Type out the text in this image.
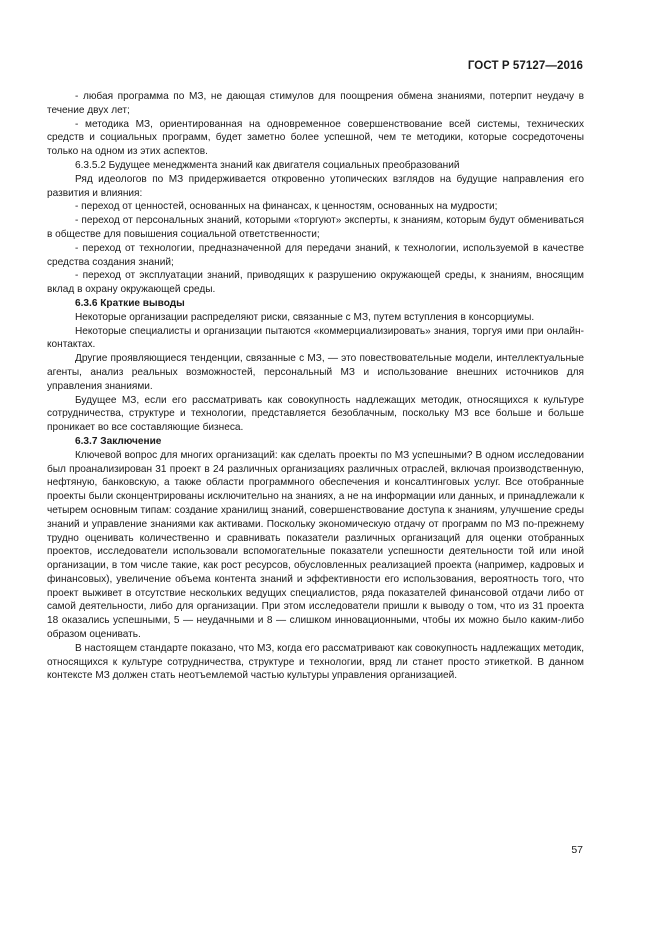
ГОСТ Р 57127—2016

- любая программа по МЗ, не дающая стимулов для поощрения обмена знаниями, потерпит неудачу в течение двух лет;

- методика МЗ, ориентированная на одновременное совершенствование всей системы, технических средств и социальных программ, будет заметно более успешной, чем те методики, которые сосредоточены только на одном из этих аспектов.

6.3.5.2 Будущее менеджмента знаний как двигателя социальных преобразований

Ряд идеологов по МЗ придерживается откровенно утопических взглядов на будущие направления его развития и влияния:

- переход от ценностей, основанных на финансах, к ценностям, основанных на мудрости;

- переход от персональных знаний, которыми «торгуют» эксперты, к знаниям, которым будут обмениваться в обществе для повышения социальной ответственности;

- переход от технологии, предназначенной для передачи знаний, к технологии, используемой в качестве средства создания знаний;

- переход от эксплуатации знаний, приводящих к разрушению окружающей среды, к знаниям, вносящим вклад в охрану окружающей среды.

6.3.6 Краткие выводы

Некоторые организации распределяют риски, связанные с МЗ, путем вступления в консорциумы.

Некоторые специалисты и организации пытаются «коммерциализировать» знания, торгуя ими при онлайн-контактах.

Другие проявляющиеся тенденции, связанные с МЗ, — это повествовательные модели, интеллектуальные агенты, анализ реальных возможностей, персональный МЗ и использование внешних источников для управления знаниями.

Будущее МЗ, если его рассматривать как совокупность надлежащих методик, относящихся к культуре сотрудничества, структуре и технологии, представляется безоблачным, поскольку МЗ все больше и больше проникает во все составляющие бизнеса.

6.3.7 Заключение

Ключевой вопрос для многих организаций: как сделать проекты по МЗ успешными? В одном исследовании был проанализирован 31 проект в 24 различных организациях различных отраслей, включая производственную, нефтяную, банковскую, а также области программного обеспечения и консалтинговых услуг. Все отобранные проекты были сконцентрированы исключительно на знаниях, а не на информации или данных, и принадлежали к четырем основным типам: создание хранилищ знаний, совершенствование доступа к знаниям, улучшение среды знаний и управление знаниями как активами. Поскольку экономическую отдачу от программ по МЗ по-прежнему трудно оценивать количественно и сравнивать показатели различных организаций для оценки отобранных проектов, исследователи использовали вспомогательные показатели успешности деятельности той или иной организации, в том числе такие, как рост ресурсов, обусловленных реализацией проекта (например, кадровых и финансовых), увеличение объема контента знаний и эффективности его использования, вероятность того, что проект выживет в отсутствие нескольких ведущих специалистов, ряда показателей финансовой отдачи либо от самой деятельности, либо для организации. При этом исследователи пришли к выводу о том, что из 31 проекта 18 оказались успешными, 5 — неудачными и 8 — слишком инновационными, чтобы их можно было каким-либо образом оценивать.

В настоящем стандарте показано, что МЗ, когда его рассматривают как совокупность надлежащих методик, относящихся к культуре сотрудничества, структуре и технологии, вряд ли станет просто этикеткой. В данном контексте МЗ должен стать неотъемлемой частью культуры управления организацией.

57
